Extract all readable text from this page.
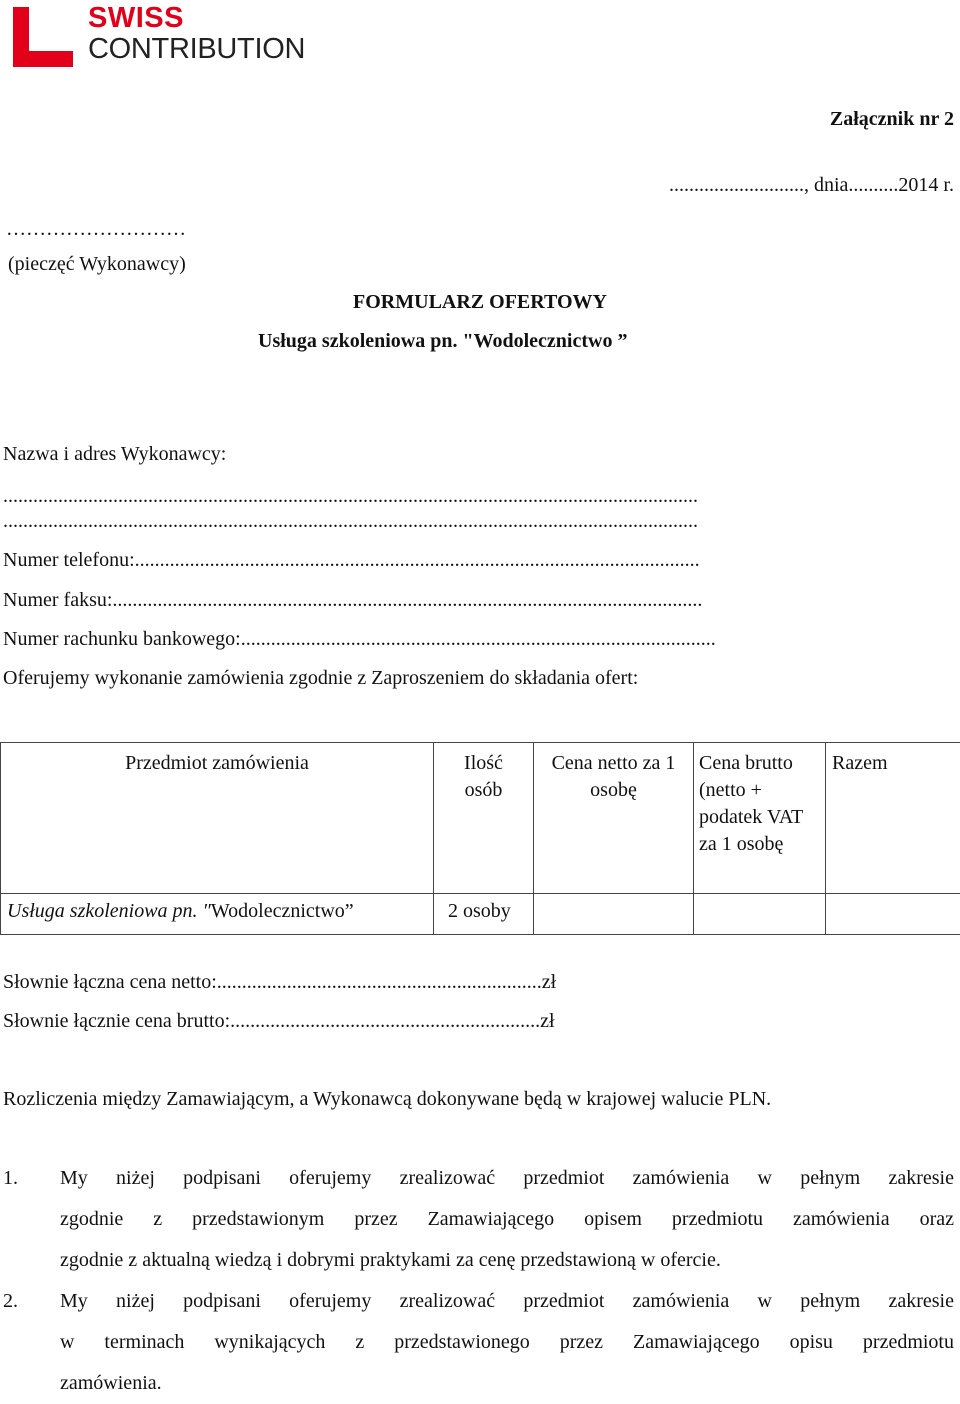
SWISS
CONTRIBUTION
Załącznik nr 2
..........................., dnia..........2014 r.
………………………
(pieczęć Wykonawcy)
FORMULARZ OFERTOWY
Usługa szkoleniowa pn. "Wodolecznictwo ”
Nazwa i adres Wykonawcy:
...........................................................................................................................................
...........................................................................................................................................
Numer telefonu:.................................................................................................................
Numer faksu:......................................................................................................................
Numer rachunku bankowego:...............................................................................................
Oferujemy wykonanie zamówienia zgodnie z Zaproszeniem do składania ofert:
Przedmiot zamówienia	Ilość osób	Cena netto za 1 osobę	Cena brutto (netto + podatek VAT za 1 osobę	Razem
Usługa szkoleniowa pn. ″Wodolecznictwo”	2 osoby			
Słownie łączna cena netto:.................................................................zł
Słownie łącznie cena brutto:..............................................................zł
Rozliczenia między Zamawiającym, a Wykonawcą dokonywane będą w krajowej walucie PLN.
1. My niżej podpisani oferujemy zrealizować przedmiot zamówienia w pełnym zakresie
zgodnie z przedstawionym przez Zamawiającego opisem przedmiotu zamówienia oraz
zgodnie z aktualną wiedzą i dobrymi praktykami za cenę przedstawioną w ofercie.
2. My niżej podpisani oferujemy zrealizować przedmiot zamówienia w pełnym zakresie
w terminach wynikających z przedstawionego przez Zamawiającego opisu przedmiotu
zamówienia.
